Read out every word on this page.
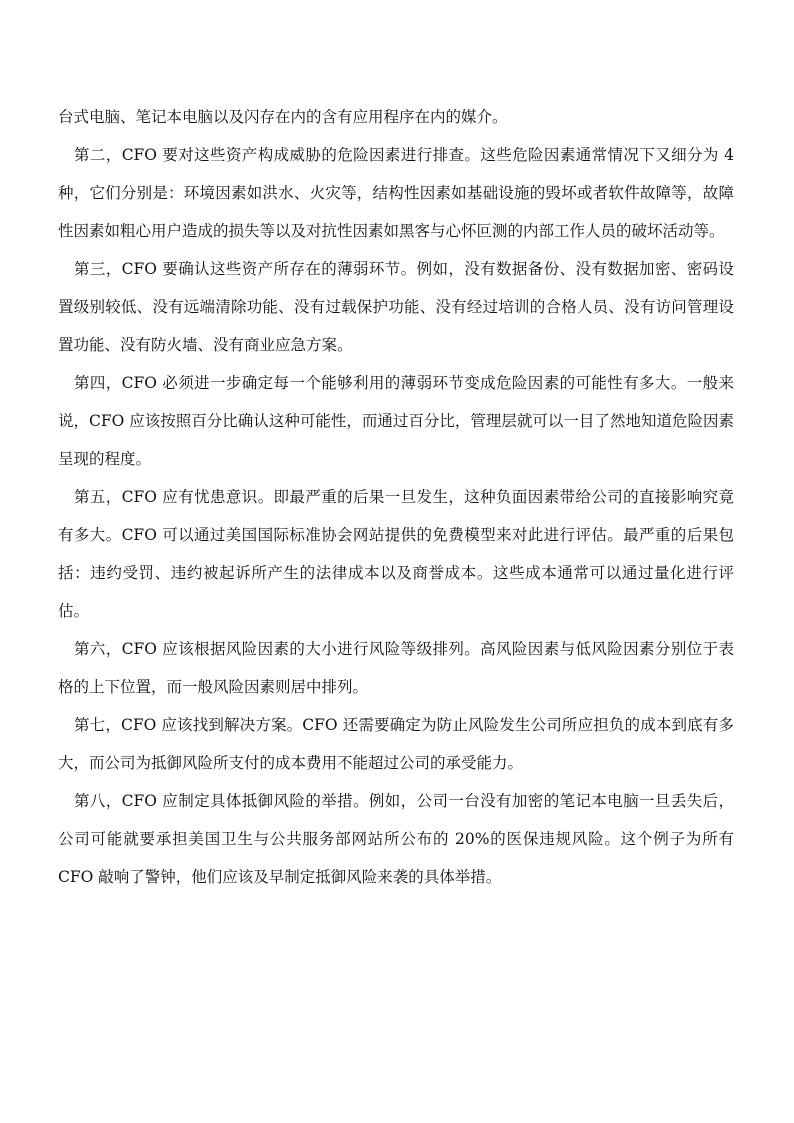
台式电脑、笔记本电脑以及闪存在内的含有应用程序在内的媒介。

第二，CFO 要对这些资产构成威胁的危险因素进行排查。这些危险因素通常情况下又细分为 4 种，它们分别是：环境因素如洪水、火灾等，结构性因素如基础设施的毁坏或者软件故障等，故障性因素如粗心用户造成的损失等以及对抗性因素如黑客与心怀叵测的内部工作人员的破坏活动等。

第三，CFO 要确认这些资产所存在的薄弱环节。例如，没有数据备份、没有数据加密、密码设置级别较低、没有远端清除功能、没有过载保护功能、没有经过培训的合格人员、没有访问管理设置功能、没有防火墙、没有商业应急方案。

第四，CFO 必须进一步确定每一个能够利用的薄弱环节变成危险因素的可能性有多大。一般来说，CFO 应该按照百分比确认这种可能性，而通过百分比，管理层就可以一目了然地知道危险因素呈现的程度。

第五，CFO 应有忧患意识。即最严重的后果一旦发生，这种负面因素带给公司的直接影响究竟有多大。CFO 可以通过美国国际标准协会网站提供的免费模型来对此进行评估。最严重的后果包括：违约受罚、违约被起诉所产生的法律成本以及商誉成本。这些成本通常可以通过量化进行评估。

第六，CFO 应该根据风险因素的大小进行风险等级排列。高风险因素与低风险因素分别位于表格的上下位置，而一般风险因素则居中排列。

第七，CFO 应该找到解决方案。CFO 还需要确定为防止风险发生公司所应担负的成本到底有多大，而公司为抵御风险所支付的成本费用不能超过公司的承受能力。

第八，CFO 应制定具体抵御风险的举措。例如，公司一台没有加密的笔记本电脑一旦丢失后，公司可能就要承担美国卫生与公共服务部网站所公布的 20%的医保违规风险。这个例子为所有 CFO 敲响了警钟，他们应该及早制定抵御风险来袭的具体举措。
